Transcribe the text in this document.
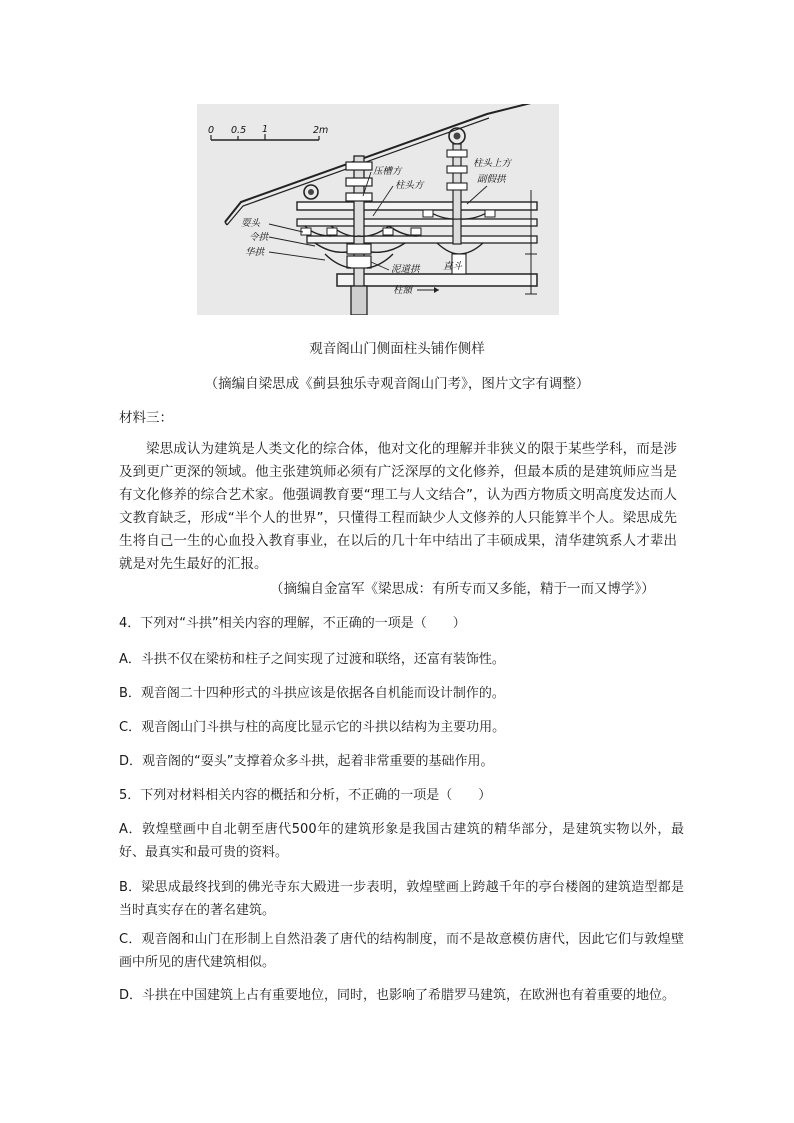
0 0.5 1	2m
压槽方
柱头方
柱头上方
副假拱
耍头
令拱
华拱
泥道拱 直斗
柱額
观音阁山门侧面柱头铺作侧样
（摘编自梁思成《蓟县独乐寺观音阁山门考》，图片文字有调整）
材料三：

梁思成认为建筑是人类文化的综合体，他对文化的理解并非狭义的限于某些学科，而是涉及到更广更深的领域。他主张建筑师必须有广泛深厚的文化修养，但最本质的是建筑师应当是有文化修养的综合艺术家。他强调教育要“理工与人文结合”，认为西方物质文明高度发达而人文教育缺乏，形成“半个人的世界”，只懂得工程而缺少人文修养的人只能算半个人。梁思成先生将自己一生的心血投入教育事业，在以后的几十年中结出了丰硕成果，清华建筑系人才辈出就是对先生最好的汇报。

（摘编自金富军《梁思成：有所专而又多能，精于一而又博学》）

4．下列对“斗拱”相关内容的理解，不正确的一项是（　　）

A．斗拱不仅在梁枋和柱子之间实现了过渡和联络，还富有装饰性。

B．观音阁二十四种形式的斗拱应该是依据各自机能而设计制作的。

C．观音阁山门斗拱与柱的高度比显示它的斗拱以结构为主要功用。

D．观音阁的“耍头”支撑着众多斗拱，起着非常重要的基础作用。

5．下列对材料相关内容的概括和分析，不正确的一项是（　　）

A．敦煌壁画中自北朝至唐代500年的建筑形象是我国古建筑的精华部分，是建筑实物以外，最好、最真实和最可贵的资料。

B．梁思成最终找到的佛光寺东大殿进一步表明，敦煌壁画上跨越千年的亭台楼阁的建筑造型都是当时真实存在的著名建筑。

C．观音阁和山门在形制上自然沿袭了唐代的结构制度，而不是故意模仿唐代，因此它们与敦煌壁画中所见的唐代建筑相似。

D．斗拱在中国建筑上占有重要地位，同时，也影响了希腊罗马建筑，在欧洲也有着重要的地位。
